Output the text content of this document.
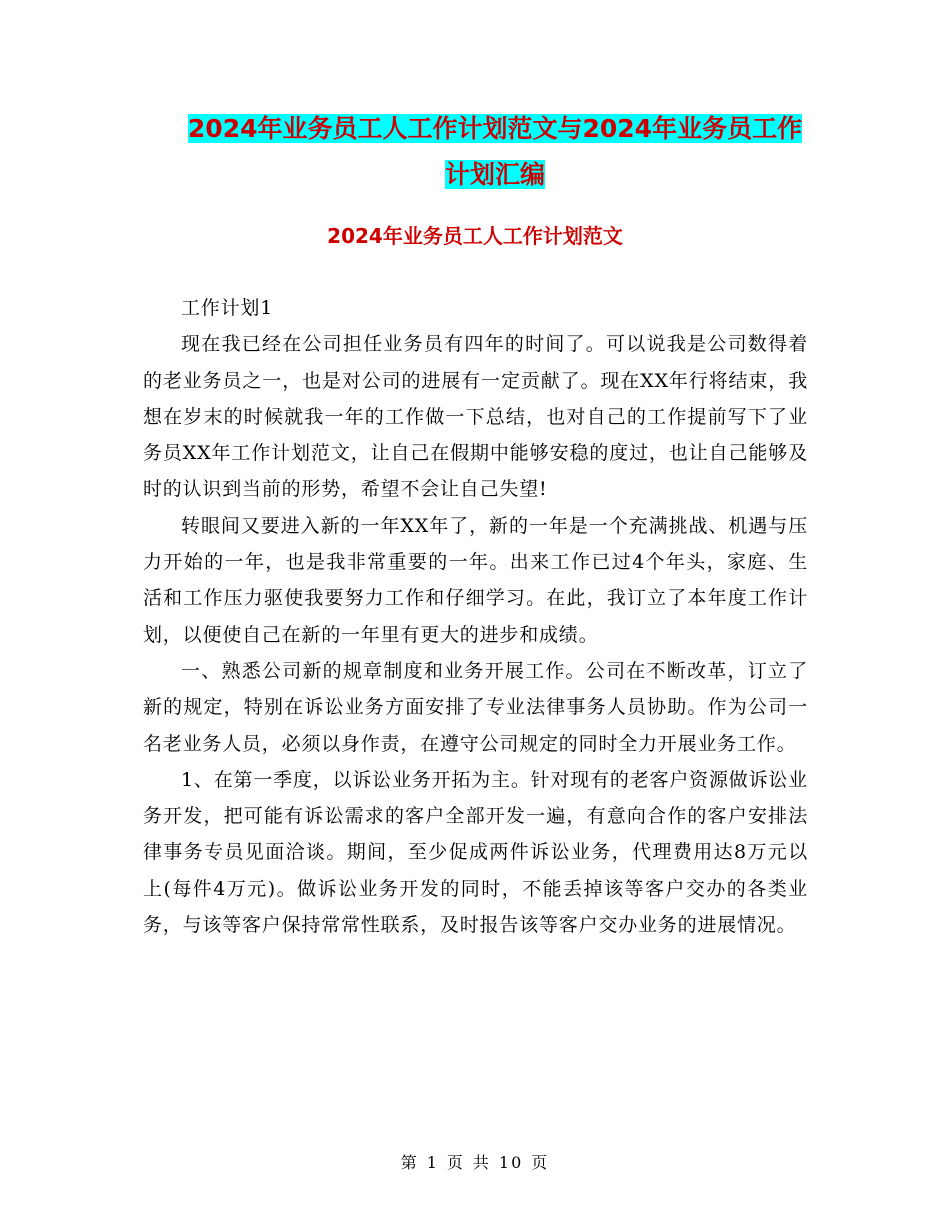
2024年业务员工人工作计划范文与2024年业务员工作
计划汇编
2024年业务员工人工作计划范文

工作计划1

现在我已经在公司担任业务员有四年的时间了。可以说我是公司数得着的老业务员之一，也是对公司的进展有一定贡献了。现在XX年行将结束，我想在岁末的时候就我一年的工作做一下总结，也对自己的工作提前写下了业务员XX年工作计划范文，让自己在假期中能够安稳的度过，也让自己能够及时的认识到当前的形势，希望不会让自己失望!

转眼间又要进入新的一年XX年了，新的一年是一个充满挑战、机遇与压力开始的一年，也是我非常重要的一年。出来工作已过4个年头，家庭、生活和工作压力驱使我要努力工作和仔细学习。在此，我订立了本年度工作计划，以便使自己在新的一年里有更大的进步和成绩。

一、熟悉公司新的规章制度和业务开展工作。公司在不断改革，订立了新的规定，特别在诉讼业务方面安排了专业法律事务人员协助。作为公司一名老业务人员，必须以身作责，在遵守公司规定的同时全力开展业务工作。

1、在第一季度，以诉讼业务开拓为主。针对现有的老客户资源做诉讼业务开发，把可能有诉讼需求的客户全部开发一遍，有意向合作的客户安排法律事务专员见面洽谈。期间，至少促成两件诉讼业务，代理费用达8万元以上(每件4万元)。做诉讼业务开发的同时，不能丢掉该等客户交办的各类业务，与该等客户保持常常性联系，及时报告该等客户交办业务的进展情况。

第 1 页 共 10 页
